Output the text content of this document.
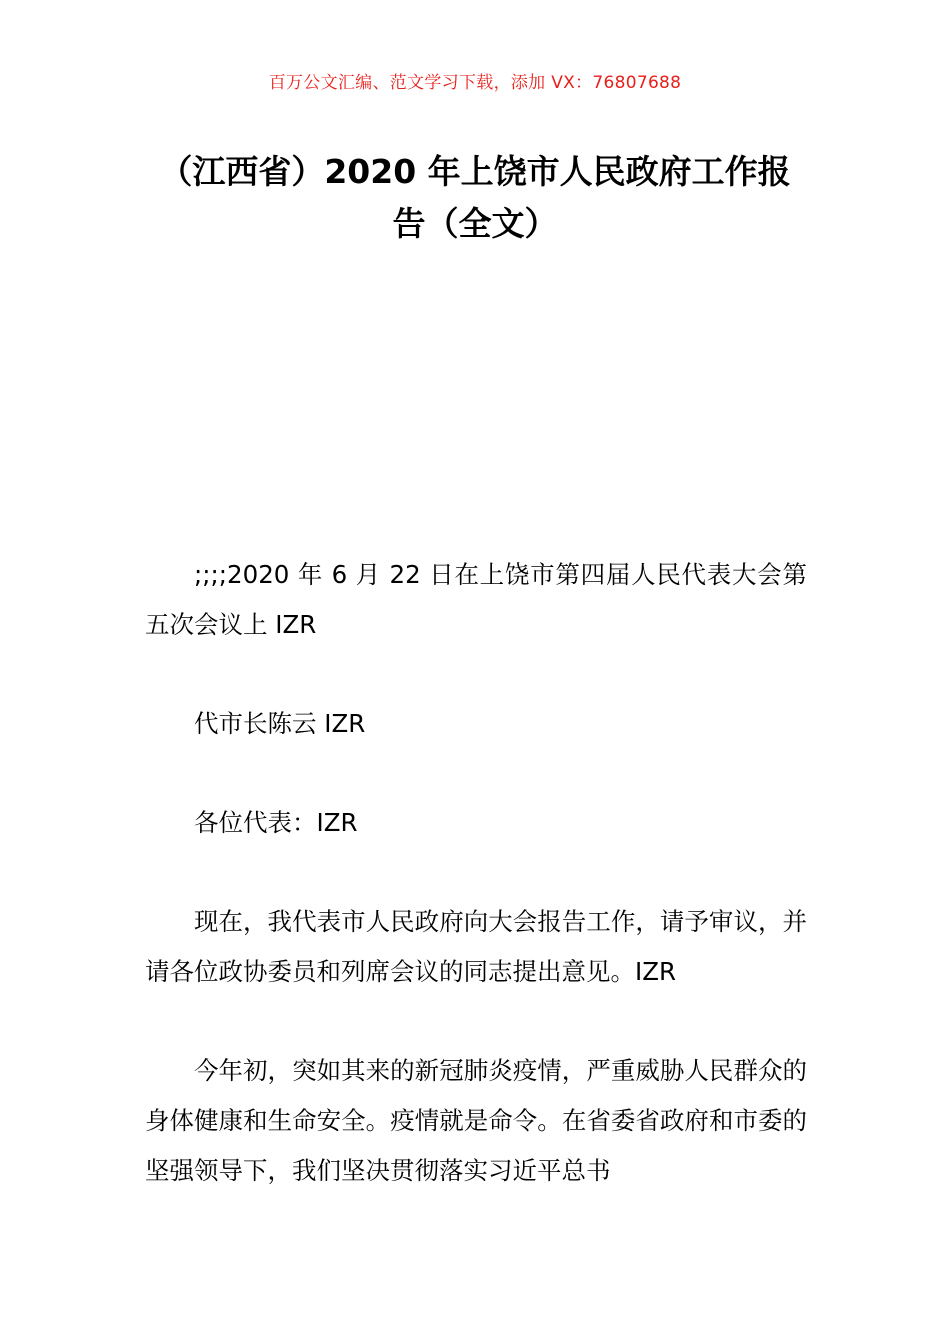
百万公文汇编、范文学习下载，添加 VX：76807688
（江西省）2020 年上饶市人民政府工作报
告（全文）

;;;;2020 年 6 月 22 日在上饶市第四届人民代表大会第五次会议上 IZR

代市长陈云 IZR

各位代表：IZR

现在，我代表市人民政府向大会报告工作，请予审议，并请各位政协委员和列席会议的同志提出意见。IZR

今年初，突如其来的新冠肺炎疫情，严重威胁人民群众的身体健康和生命安全。疫情就是命令。在省委省政府和市委的坚强领导下，我们坚决贯彻落实习近平总书
